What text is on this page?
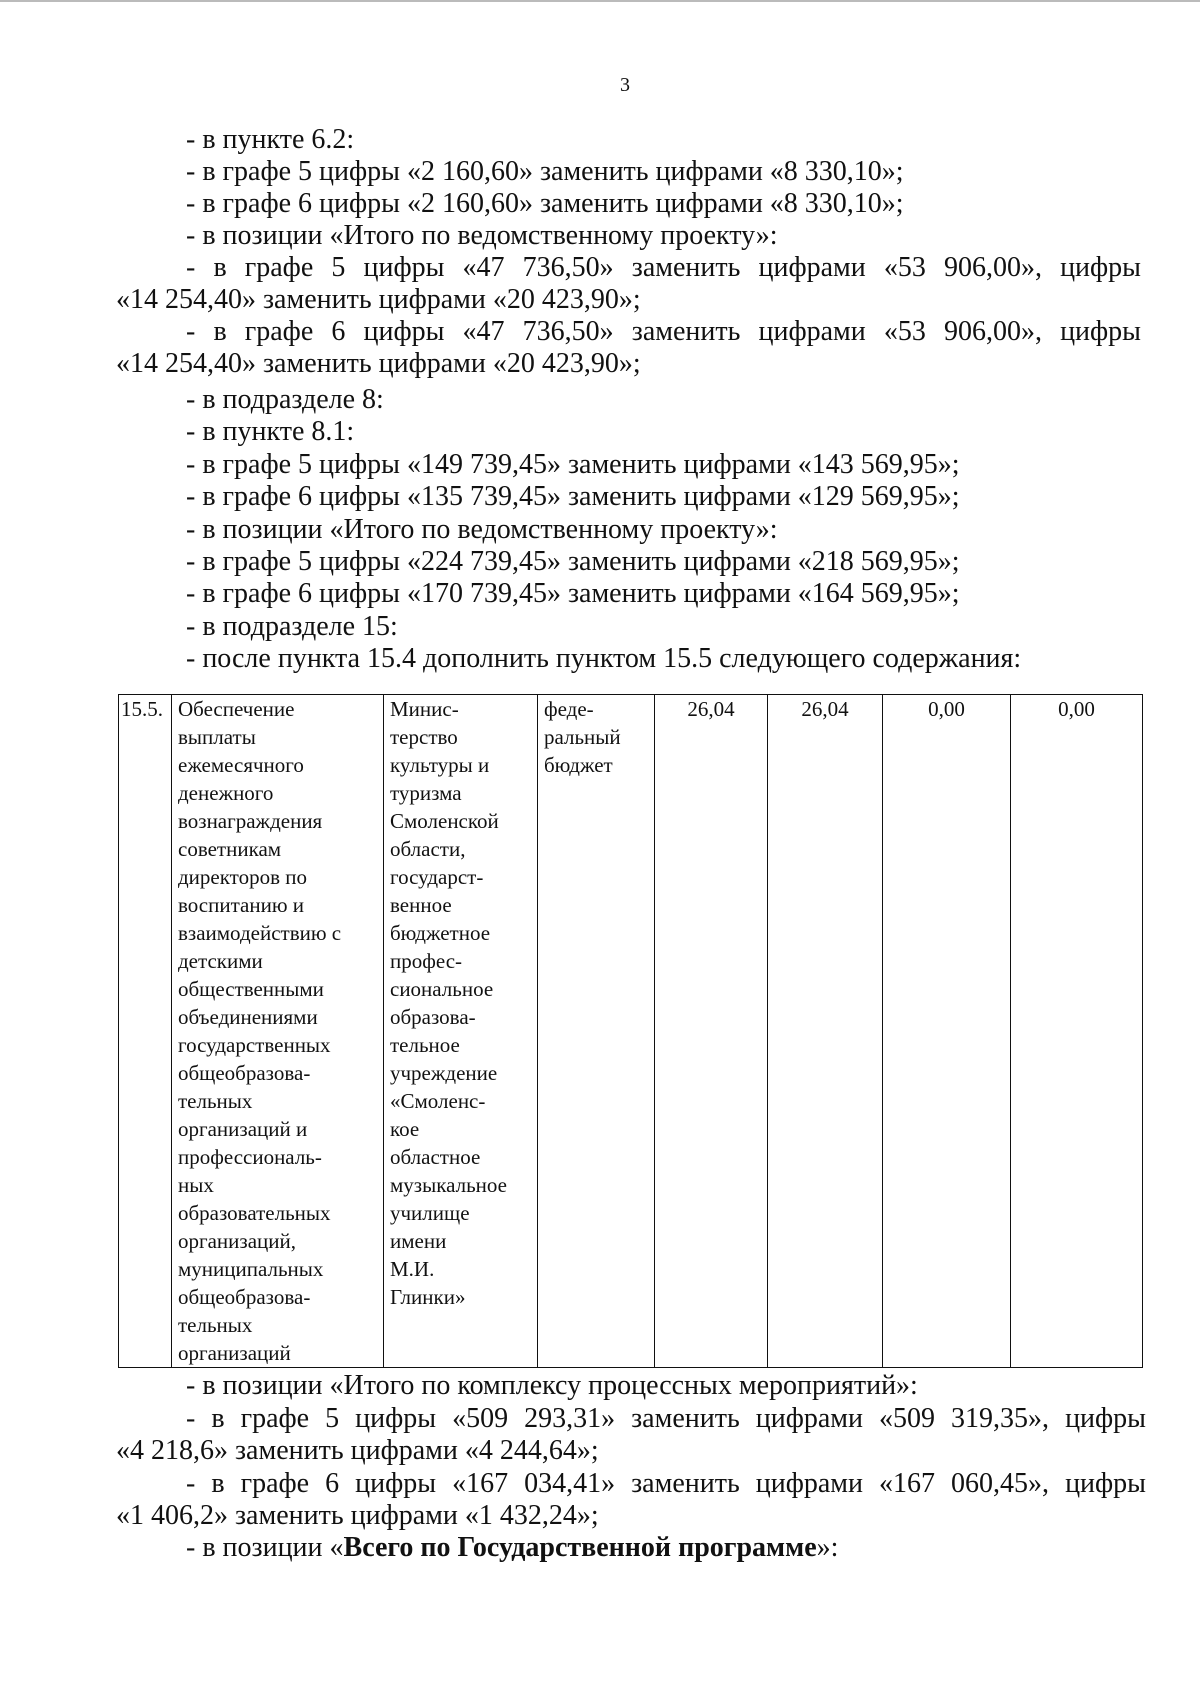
3
- в пункте 6.2:
- в графе 5 цифры «2 160,60» заменить цифрами «8 330,10»;
- в графе 6 цифры «2 160,60» заменить цифрами «8 330,10»;
- в позиции «Итого по ведомственному проекту»:
- в графе 5 цифры «47 736,50» заменить цифрами «53 906,00», цифры
«14 254,40» заменить цифрами «20 423,90»;
- в графе 6 цифры «47 736,50» заменить цифрами «53 906,00», цифры
«14 254,40» заменить цифрами «20 423,90»;
- в подразделе 8:
- в пункте 8.1:
- в графе 5 цифры «149 739,45» заменить цифрами «143 569,95»;
- в графе 6 цифры «135 739,45» заменить цифрами «129 569,95»;
- в позиции «Итого по ведомственному проекту»:
- в графе 5 цифры «224 739,45» заменить цифрами «218 569,95»;
- в графе 6 цифры «170 739,45» заменить цифрами «164 569,95»;
- в подразделе 15:
- после пункта 15.4 дополнить пунктом 15.5 следующего содержания:
15.5.	Обеспечение
выплаты
ежемесячного
денежного
вознаграждения
советникам
директоров по
воспитанию и
взаимодействию с
детскими
общественными
объединениями
государственных
общеобразова-
тельных
организаций и
профессиональ-
ных
образовательных
организаций,
муниципальных
общеобразова-
тельных
организаций	Минис-
терство
культуры и
туризма
Смоленской
области,
государст-
венное
бюджетное
профес-
сиональное
образова-
тельное
учреждение
«Смоленс-
кое
областное
музыкальное
училище
имени
М.И.
Глинки»	феде-
ральный
бюджет	26,04	26,04	0,00	0,00
- в позиции «Итого по комплексу процессных мероприятий»:
- в графе 5 цифры «509 293,31» заменить цифрами «509 319,35», цифры
«4 218,6» заменить цифрами «4 244,64»;
- в графе 6 цифры «167 034,41» заменить цифрами «167 060,45», цифры
«1 406,2» заменить цифрами «1 432,24»;
- в позиции «Всего по Государственной программе»:
